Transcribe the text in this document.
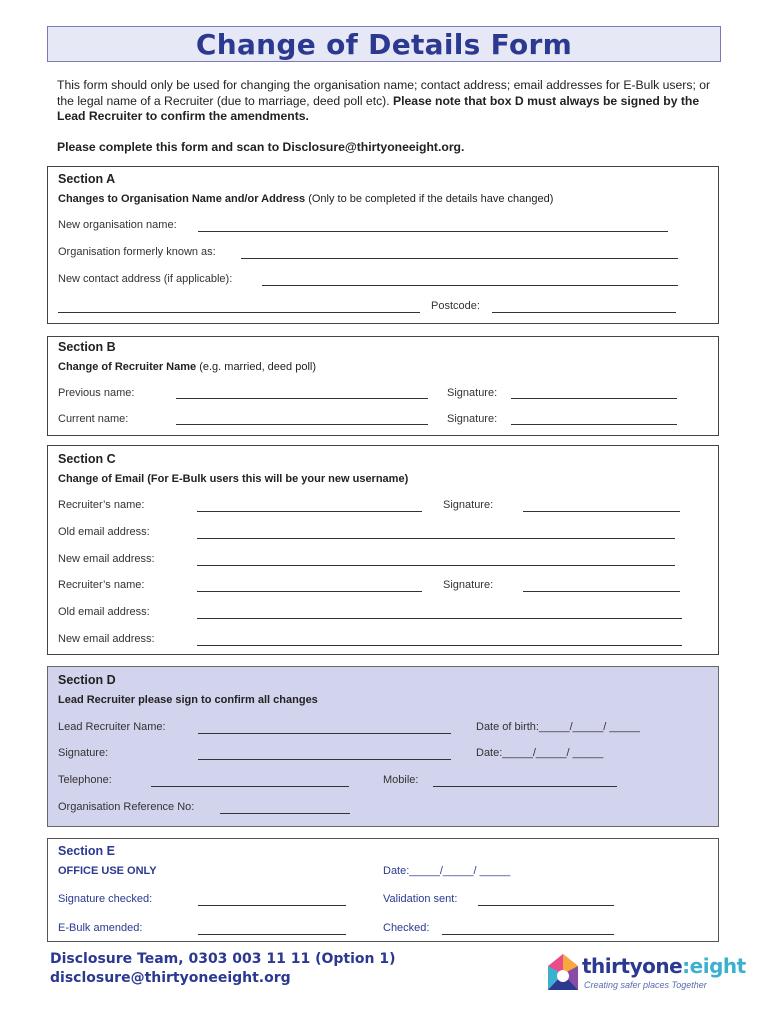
Change of Details Form
This form should only be used for changing the organisation name; contact address; email addresses for E-Bulk users; or the legal name of a Recruiter (due to marriage, deed poll etc). Please note that box D must always be signed by the Lead Recruiter to confirm the amendments.
Please complete this form and scan to Disclosure@thirtyoneeight.org.
Section A
Changes to Organisation Name and/or Address (Only to be completed if the details have changed)
New organisation name:
Organisation formerly known as:
New contact address (if applicable):
Postcode:
Section B
Change of Recruiter Name (e.g. married, deed poll)
Previous name:	Signature:
Current name:	Signature:
Section C
Change of Email (For E-Bulk users this will be your new username)
Recruiter’s name:	Signature:
Old email address:
New email address:
Recruiter’s name:	Signature:
Old email address:
New email address:
Section D
Lead Recruiter please sign to confirm all changes
Lead Recruiter Name:	Date of birth:_____/_____/ _____
Signature:	Date:_____/_____/ _____
Telephone:	Mobile:
Organisation Reference No:
Section E
OFFICE USE ONLY	Date:_____/_____/ _____
Signature checked:	Validation sent:
E-Bulk amended:	Checked:
Disclosure Team, 0303 003 11 11 (Option 1)
disclosure@thirtyoneeight.org	thirtyone:eight
Creating safer places Together
